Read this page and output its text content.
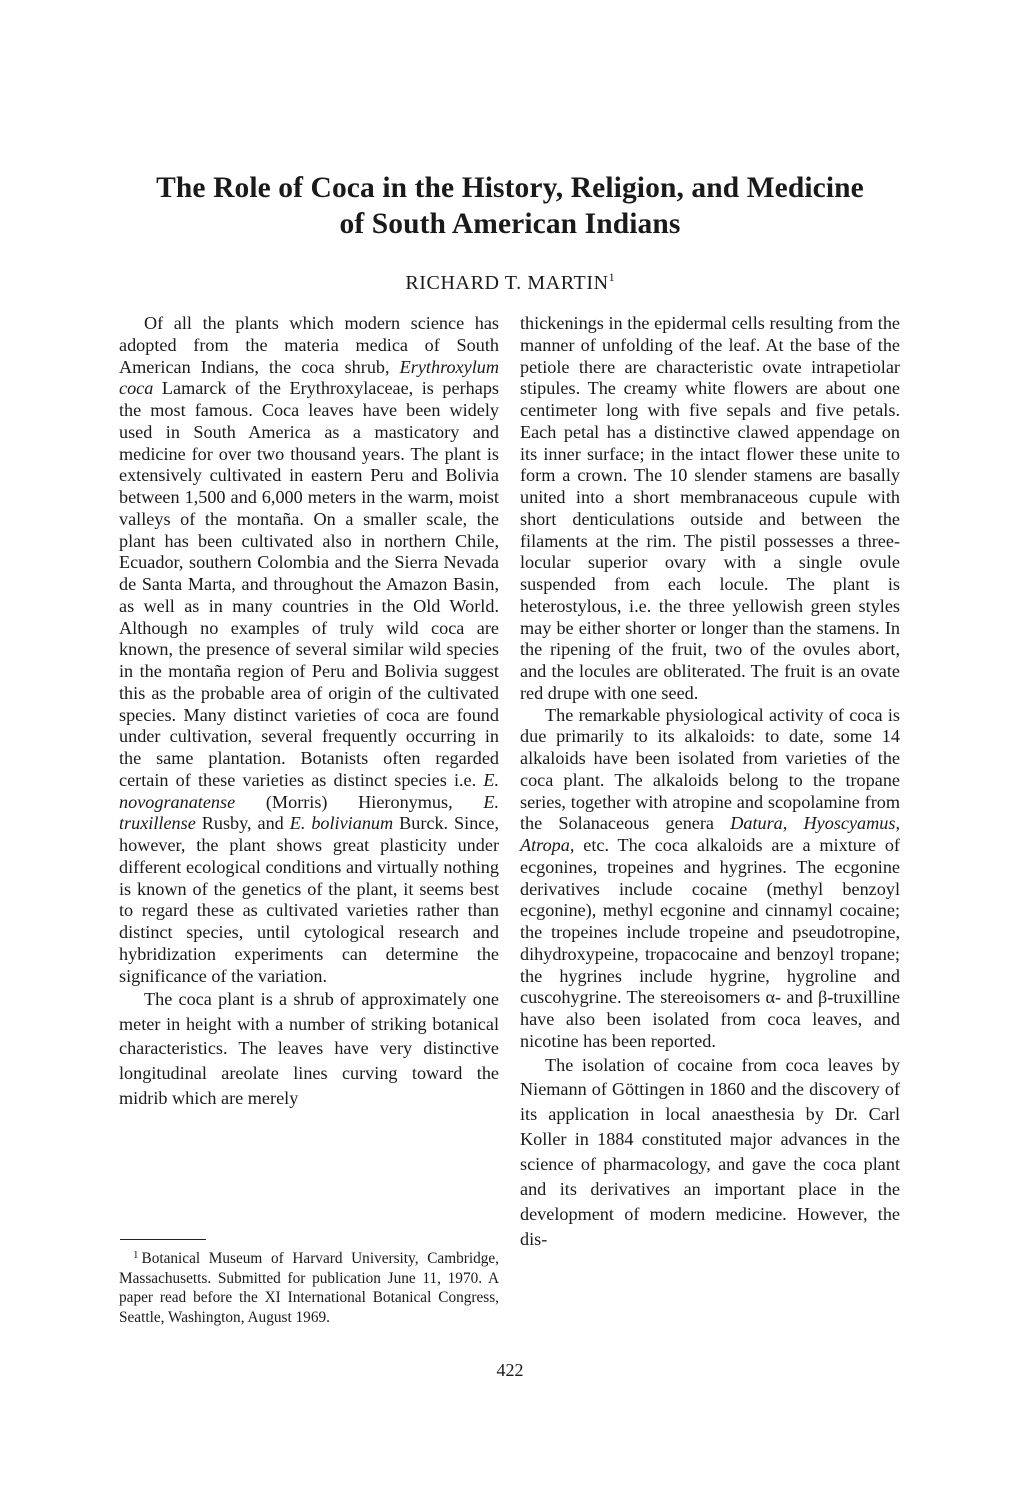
The Role of Coca in the History, Religion, and Medicine
of South American Indians
RICHARD T. MARTIN$^1$

Of all the plants which modern science has adopted from the materia medica of South American Indians, the coca shrub, Erythroxylum coca Lamarck of the Erythroxylaceae, is perhaps the most famous. Coca leaves have been widely used in South America as a masticatory and medicine for over two thousand years. The plant is extensively cultivated in eastern Peru and Bolivia between 1,500 and 6,000 meters in the warm, moist valleys of the montaña. On a smaller scale, the plant has been cultivated also in northern Chile, Ecuador, southern Colombia and the Sierra Nevada de Santa Marta, and throughout the Amazon Basin, as well as in many countries in the Old World. Although no examples of truly wild coca are known, the presence of several similar wild species in the montaña region of Peru and Bolivia suggest this as the probable area of origin of the cultivated species. Many distinct varieties of coca are found under cultivation, several frequently occurring in the same plantation. Botanists often regarded certain of these varieties as distinct species i.e. E. novogranatense (Morris) Hieronymus, E. truxillense Rusby, and E. bolivianum Burck. Since, however, the plant shows great plasticity under different ecological conditions and virtually nothing is known of the genetics of the plant, it seems best to regard these as cultivated varieties rather than distinct species, until cytological research and hybridization experiments can determine the significance of the variation.

The coca plant is a shrub of approximately one meter in height with a number of striking botanical characteristics. The leaves have very distinctive longitudinal areolate lines curving toward the midrib which are merely

$^1$ Botanical Museum of Harvard University, Cambridge, Massachusetts. Submitted for publication June 11, 1970. A paper read before the XI International Botanical Congress, Seattle, Washington, August 1969.

thickenings in the epidermal cells resulting from the manner of unfolding of the leaf. At the base of the petiole there are characteristic ovate intrapetiolar stipules. The creamy white flowers are about one centimeter long with five sepals and five petals. Each petal has a distinctive clawed appendage on its inner surface; in the intact flower these unite to form a crown. The 10 slender stamens are basally united into a short membranaceous cupule with short denticulations outside and between the filaments at the rim. The pistil possesses a three-locular superior ovary with a single ovule suspended from each locule. The plant is heterostylous, i.e. the three yellowish green styles may be either shorter or longer than the stamens. In the ripening of the fruit, two of the ovules abort, and the locules are obliterated. The fruit is an ovate red drupe with one seed.

The remarkable physiological activity of coca is due primarily to its alkaloids: to date, some 14 alkaloids have been isolated from varieties of the coca plant. The alkaloids belong to the tropane series, together with atropine and scopolamine from the Solanaceous genera Datura, Hyoscyamus, Atropa, etc. The coca alkaloids are a mixture of ecgonines, tropeines and hygrines. The ecgonine derivatives include cocaine (methyl benzoyl ecgonine), methyl ecgonine and cinnamyl cocaine; the tropeines include tropeine and pseudotropine, dihydroxypeine, tropacocaine and benzoyl tropane; the hygrines include hygrine, hygroline and cuscohygrine. The stereoisomers α- and β-truxilline have also been isolated from coca leaves, and nicotine has been reported.

The isolation of cocaine from coca leaves by Niemann of Göttingen in 1860 and the discovery of its application in local anaesthesia by Dr. Carl Koller in 1884 constituted major advances in the science of pharmacology, and gave the coca plant and its derivatives an important place in the development of modern medicine. However, the dis-

422
